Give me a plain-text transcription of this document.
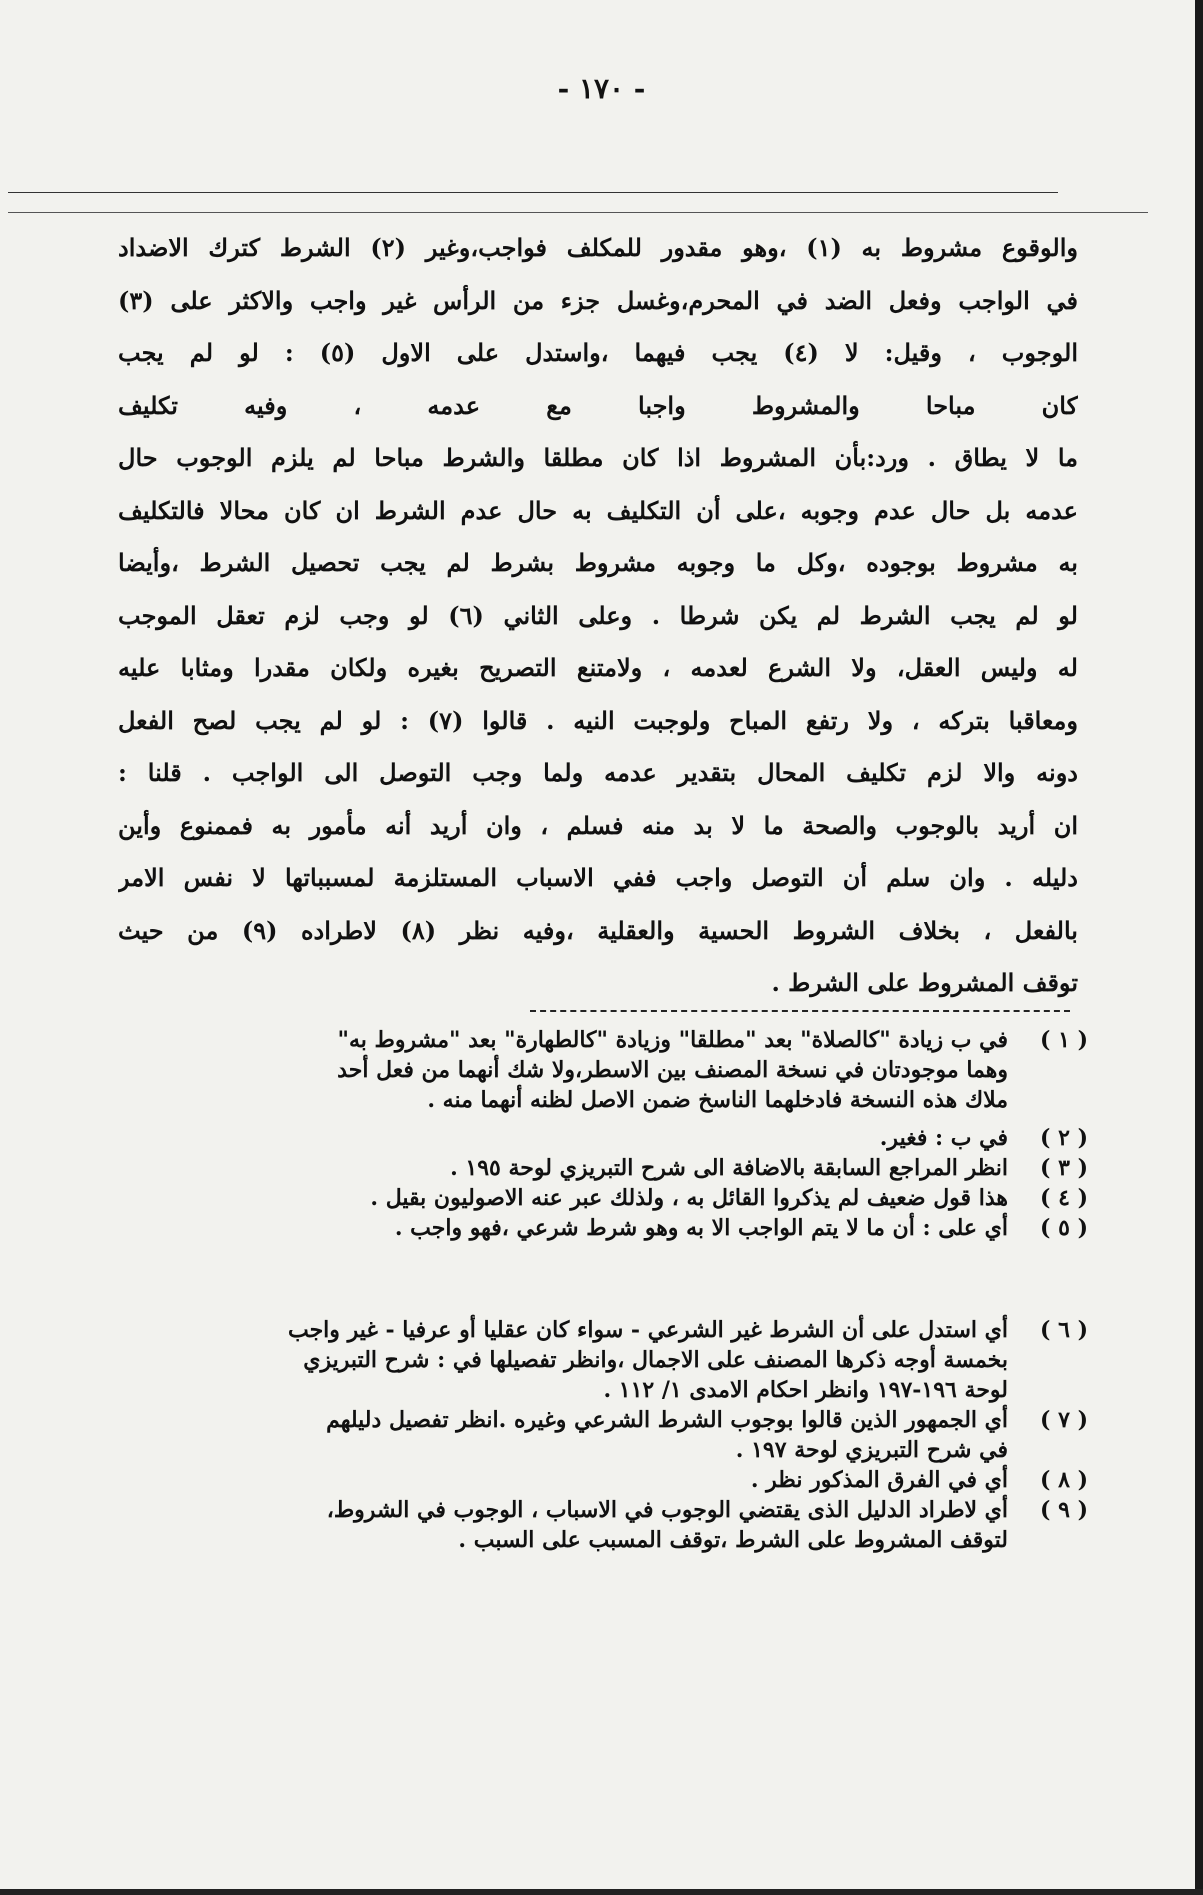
- ١٧٠ -
والوقوع مشروط به (١) ،وهو مقدور للمكلف فواجب،وغير (٢) الشرط كترك الاضداد
في الواجب وفعل الضد في المحرم،وغسل جزء من الرأس غير واجب والاكثر على (٣)
الوجوب ، وقيل: لا (٤) يجب فيهما ،واستدل على الاول (٥) : لو لم يجب
كان مباحا والمشروط واجبا مع عدمه ، وفيه تكليف
ما لا يطاق . ورد:بأن المشروط اذا كان مطلقا والشرط مباحا لم يلزم الوجوب حال
عدمه بل حال عدم وجوبه ،على أن التكليف به حال عدم الشرط ان كان محالا فالتكليف
به مشروط بوجوده ،وكل ما وجوبه مشروط بشرط لم يجب تحصيل الشرط ،وأيضا
لو لم يجب الشرط لم يكن شرطا . وعلى الثاني (٦) لو وجب لزم تعقل الموجب
له وليس العقل، ولا الشرع لعدمه ، ولامتنع التصريح بغيره ولكان مقدرا ومثابا عليه
ومعاقبا بتركه ، ولا رتفع المباح ولوجبت النيه . قالوا (٧) : لو لم يجب لصح الفعل
دونه والا لزم تكليف المحال بتقدير عدمه ولما وجب التوصل الى الواجب . قلنا :
ان أريد بالوجوب والصحة ما لا بد منه فسلم ، وان أريد أنه مأمور به فممنوع وأين
دليله . وان سلم أن التوصل واجب ففي الاسباب المستلزمة لمسبباتها لا نفس الامر
بالفعل ، بخلاف الشروط الحسية والعقلية ،وفيه نظر (٨) لاطراده (٩) من حيث
توقف المشروط على الشرط .
( ١ )
في ب زيادة "كالصلاة" بعد "مطلقا" وزيادة "كالطهارة" بعد "مشروط به"
وهما موجودتان في نسخة المصنف بين الاسطر،ولا شك أنهما من فعل أحد
ملاك هذه النسخة فادخلهما الناسخ ضمن الاصل لظنه أنهما منه .
( ٢ )
في ب : فغير.
( ٣ )
انظر المراجع السابقة بالاضافة الى شرح التبريزي لوحة ١٩٥ .
( ٤ )
هذا قول ضعيف لم يذكروا القائل به ، ولذلك عبر عنه الاصوليون بقيل .
( ٥ )
أي على : أن ما لا يتم الواجب الا به وهو شرط شرعي ،فهو واجب .
( ٦ )
أي استدل على أن الشرط غير الشرعي - سواء كان عقليا أو عرفيا - غير واجب
بخمسة أوجه ذكرها المصنف على الاجمال ،وانظر تفصيلها في : شرح التبريزي
لوحة ١٩٦-١٩٧ وانظر احكام الامدى ١/ ١١٢ .
( ٧ )
أي الجمهور الذين قالوا بوجوب الشرط الشرعي وغيره .انظر تفصيل دليلهم
في شرح التبريزي لوحة ١٩٧ .
( ٨ )
أي في الفرق المذكور نظر .
( ٩ )
أي لاطراد الدليل الذى يقتضي الوجوب في الاسباب ، الوجوب في الشروط،
لتوقف المشروط على الشرط ،توقف المسبب على السبب .
